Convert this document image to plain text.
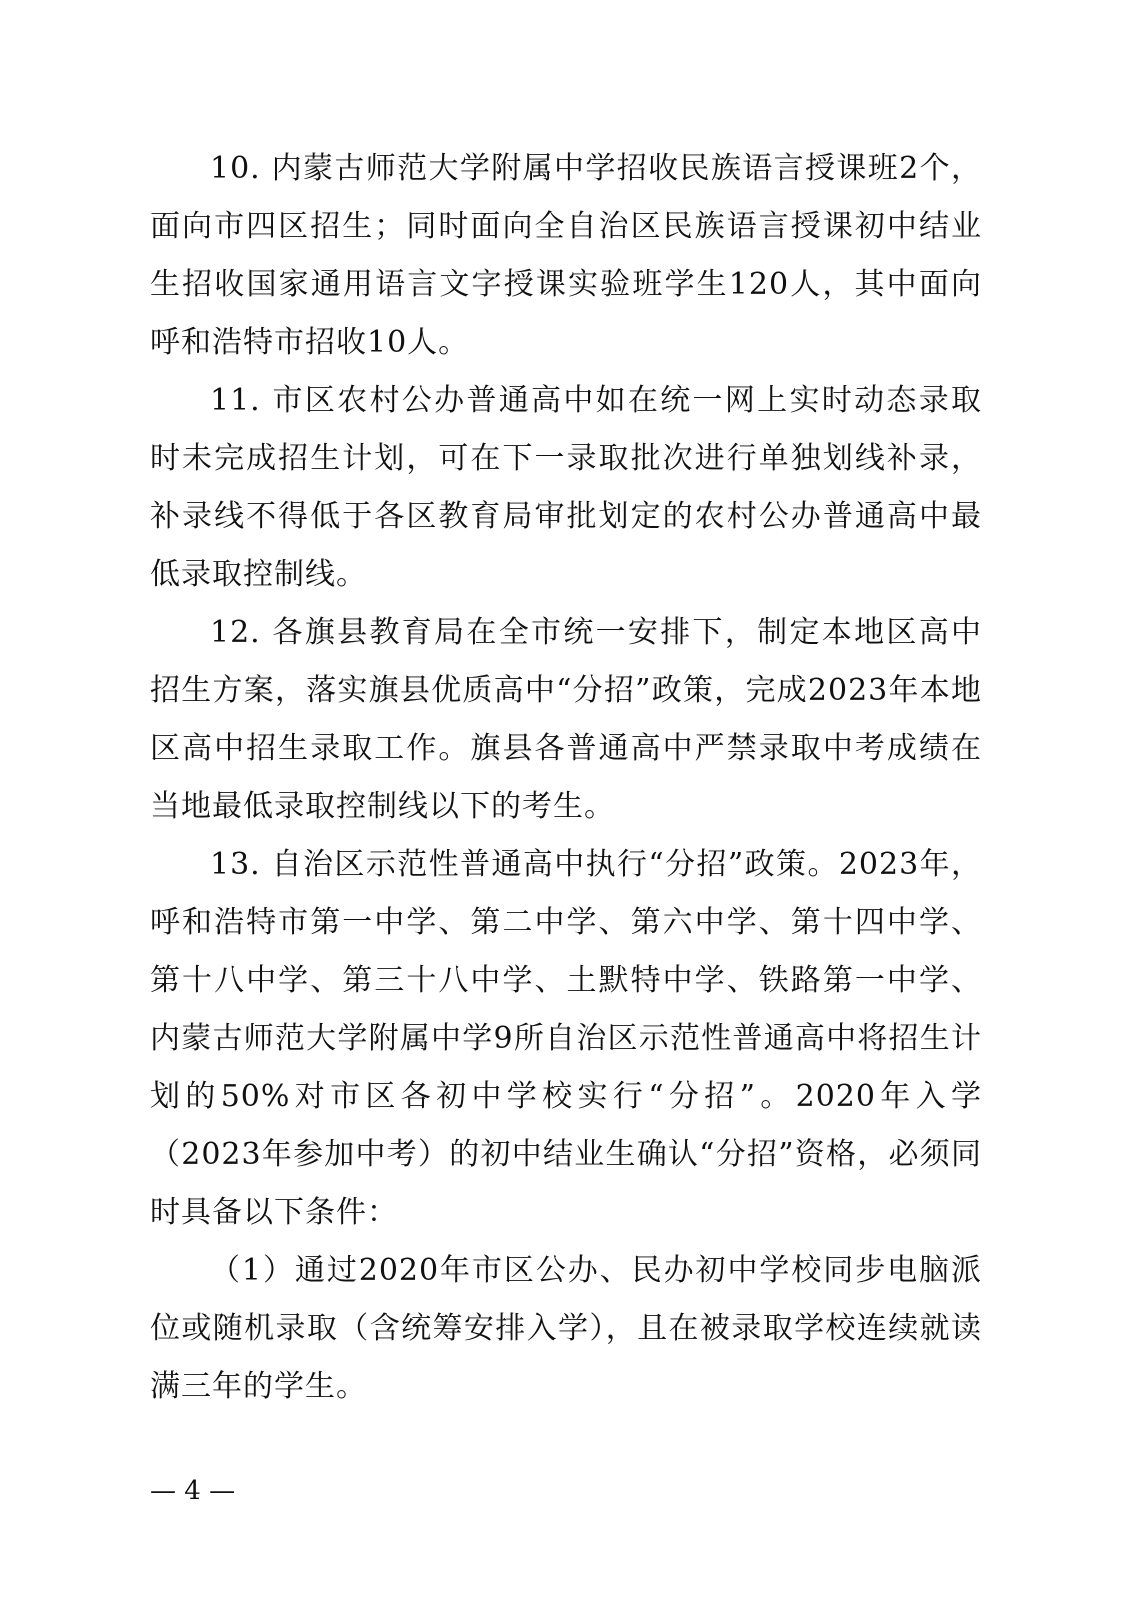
10. 内蒙古师范大学附属中学招收民族语言授课班2个，面向市四区招生；同时面向全自治区民族语言授课初中结业生招收国家通用语言文字授课实验班学生120人，其中面向呼和浩特市招收10人。

11. 市区农村公办普通高中如在统一网上实时动态录取时未完成招生计划，可在下一录取批次进行单独划线补录，补录线不得低于各区教育局审批划定的农村公办普通高中最低录取控制线。

12. 各旗县教育局在全市统一安排下，制定本地区高中招生方案，落实旗县优质高中“分招”政策，完成2023年本地区高中招生录取工作。旗县各普通高中严禁录取中考成绩在当地最低录取控制线以下的考生。

13. 自治区示范性普通高中执行“分招”政策。2023年，呼和浩特市第一中学、第二中学、第六中学、第十四中学、第十八中学、第三十八中学、土默特中学、铁路第一中学、内蒙古师范大学附属中学9所自治区示范性普通高中将招生计划的50%对市区各初中学校实行“分招”。2020年入学（2023年参加中考）的初中结业生确认“分招”资格，必须同时具备以下条件：

（1）通过2020年市区公办、民办初中学校同步电脑派位或随机录取（含统筹安排入学），且在被录取学校连续就读满三年的学生。

— 4 —
